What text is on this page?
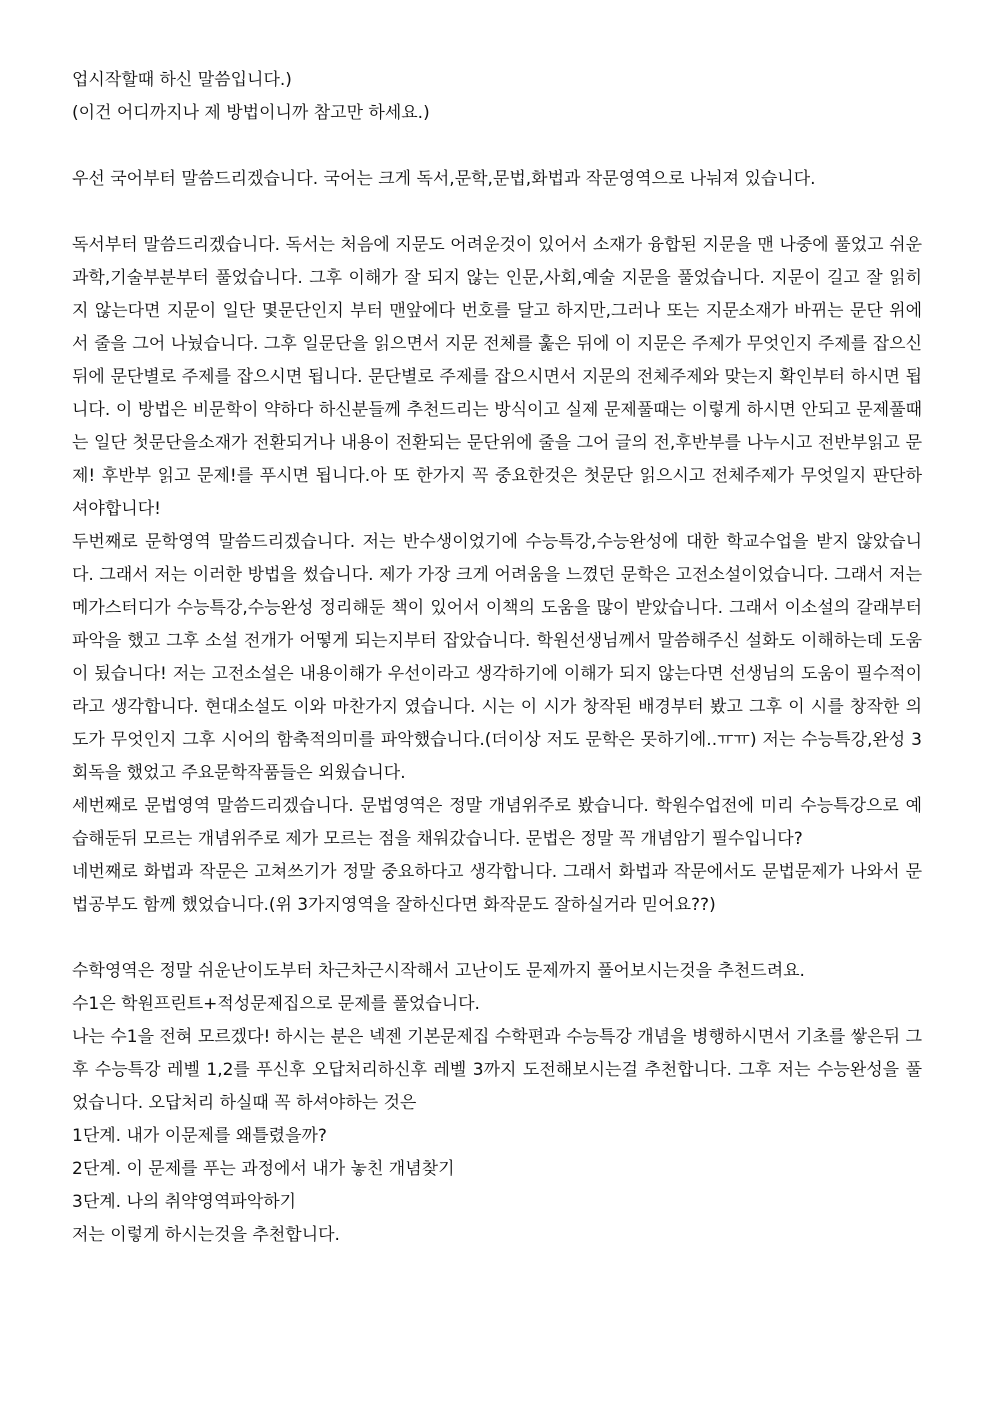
업시작할때 하신 말씀입니다.)

(이건 어디까지나 제 방법이니까 참고만 하세요.)

우선 국어부터 말씀드리겠습니다. 국어는 크게 독서,문학,문법,화법과 작문영역으로 나눠져 있습니다.

독서부터 말씀드리겠습니다. 독서는 처음에 지문도 어려운것이 있어서 소재가 융합된 지문을 맨 나중에 풀었고 쉬운 과학,기술부분부터 풀었습니다. 그후 이해가 잘 되지 않는 인문,사회,예술 지문을 풀었습니다. 지문이 길고 잘 읽히지 않는다면 지문이 일단 몇문단인지 부터 맨앞에다 번호를 달고 하지만,그러나 또는 지문소재가 바뀌는 문단 위에서 줄을 그어 나눴습니다. 그후 일문단을 읽으면서 지문 전체를 훑은 뒤에 이 지문은 주제가 무엇인지 주제를 잡으신 뒤에 문단별로 주제를 잡으시면 됩니다. 문단별로 주제를 잡으시면서 지문의 전체주제와 맞는지 확인부터 하시면 됩니다. 이 방법은 비문학이 약하다 하신분들께 추천드리는 방식이고 실제 문제풀때는 이렇게 하시면 안되고 문제풀때는 일단 첫문단을소재가 전환되거나 내용이 전환되는 문단위에 줄을 그어 글의 전,후반부를 나누시고 전반부읽고 문제! 후반부 읽고 문제!를 푸시면 됩니다.아 또 한가지 꼭 중요한것은 첫문단 읽으시고 전체주제가 무엇일지 판단하셔야합니다!

두번째로 문학영역 말씀드리겠습니다. 저는 반수생이었기에 수능특강,수능완성에 대한 학교수업을 받지 않았습니다. 그래서 저는 이러한 방법을 썼습니다. 제가 가장 크게 어려움을 느꼈던 문학은 고전소설이었습니다. 그래서 저는 메가스터디가 수능특강,수능완성 정리해둔 책이 있어서 이책의 도움을 많이 받았습니다. 그래서 이소설의 갈래부터 파악을 했고 그후 소설 전개가 어떻게 되는지부터 잡았습니다. 학원선생님께서 말씀해주신 설화도 이해하는데 도움이 됬습니다! 저는 고전소설은 내용이해가 우선이라고 생각하기에 이해가 되지 않는다면 선생님의 도움이 필수적이라고 생각합니다. 현대소설도 이와 마찬가지 였습니다. 시는 이 시가 창작된 배경부터 봤고 그후 이 시를 창작한 의도가 무엇인지 그후 시어의 함축적의미를 파악했습니다.(더이상 저도 문학은 못하기에..ㅠㅠ) 저는 수능특강,완성 3회독을 했었고 주요문학작품들은 외웠습니다.

세번째로 문법영역 말씀드리겠습니다. 문법영역은 정말 개념위주로 봤습니다. 학원수업전에 미리 수능특강으로 예습해둔뒤 모르는 개념위주로 제가 모르는 점을 채워갔습니다. 문법은 정말 꼭 개념암기 필수입니다?

네번째로 화법과 작문은 고쳐쓰기가 정말 중요하다고 생각합니다. 그래서 화법과 작문에서도 문법문제가 나와서 문법공부도 함께 했었습니다.(위 3가지영역을 잘하신다면 화작문도 잘하실거라 믿어요??)

수학영역은 정말 쉬운난이도부터 차근차근시작해서 고난이도 문제까지 풀어보시는것을 추천드려요.

수1은 학원프린트+적성문제집으로 문제를 풀었습니다.

나는 수1을 전혀 모르겠다! 하시는 분은 넥젠 기본문제집 수학편과 수능특강 개념을 병행하시면서 기초를 쌓은뒤 그후 수능특강 레벨 1,2를 푸신후 오답처리하신후 레벨 3까지 도전해보시는걸 추천합니다. 그후 저는 수능완성을 풀었습니다. 오답처리 하실때 꼭 하셔야하는 것은

1단계. 내가 이문제를 왜틀렸을까?

2단계. 이 문제를 푸는 과정에서 내가 놓친 개념찾기

3단계. 나의 취약영역파악하기

저는 이렇게 하시는것을 추천합니다.
